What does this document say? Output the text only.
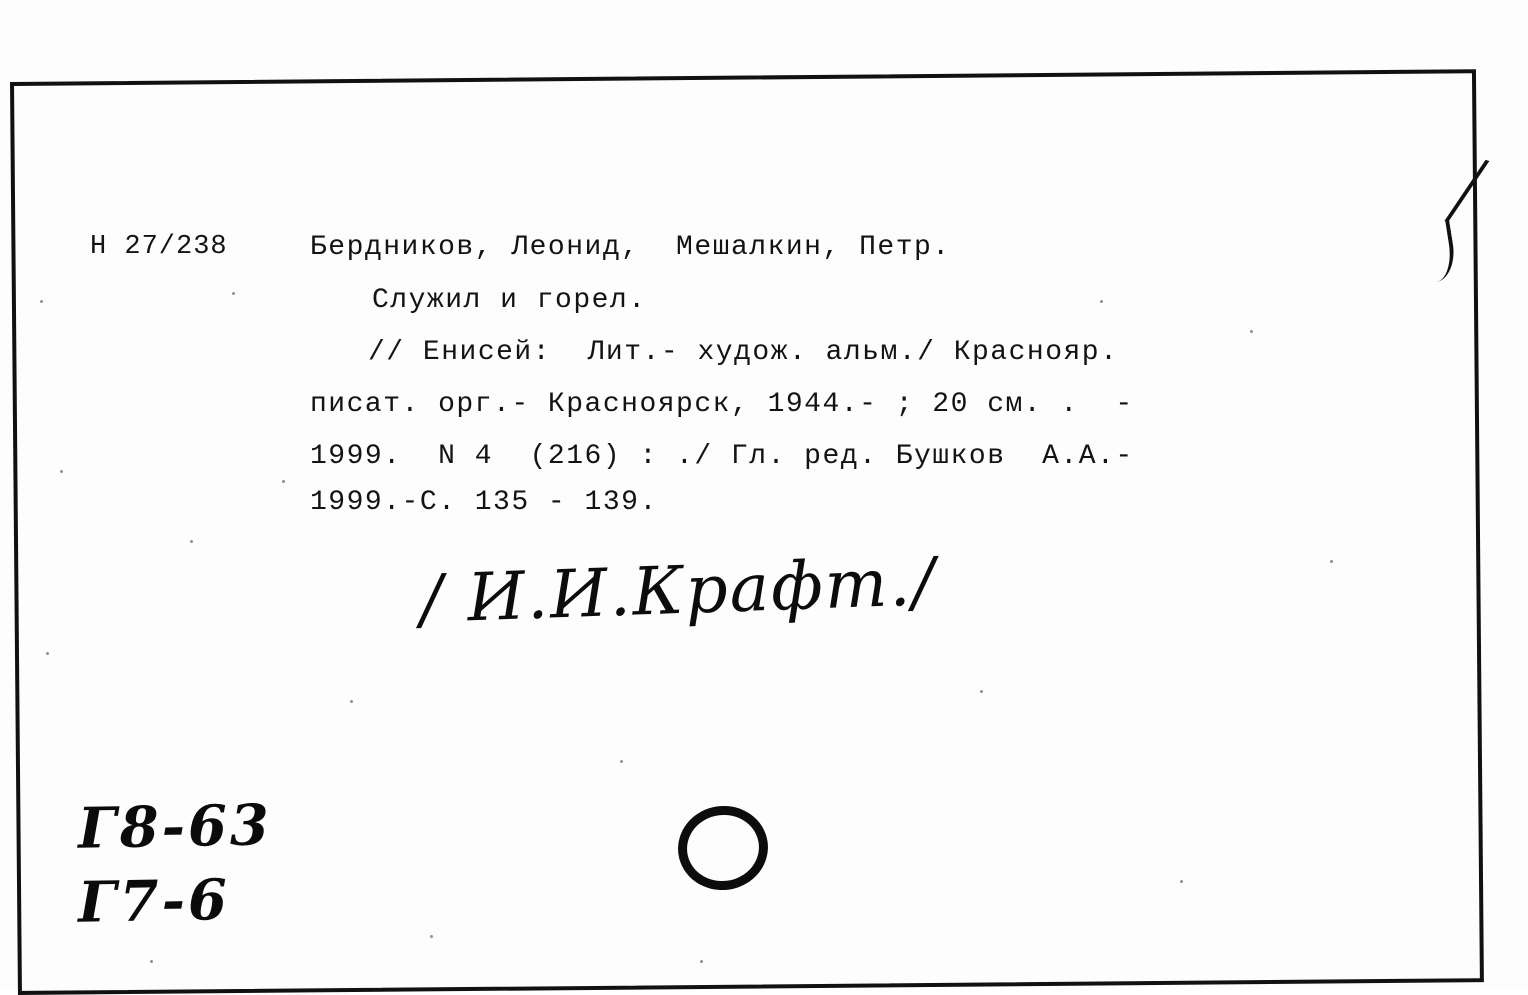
Н 27/238	Бердников, Леонид,  Мешалкин, Петр.
Служил и горел.
// Енисей:  Лит.- худож. альм./ Краснояр.
писат. орг.- Красноярск, 1944.- ; 20 см. .  -
1999.  N 4  (216) : ./ Гл. ред. Бушков  А.А.-
1999.-С. 135 - 139.
/ И.И.Крафт./
Г8-63
Г7-6
